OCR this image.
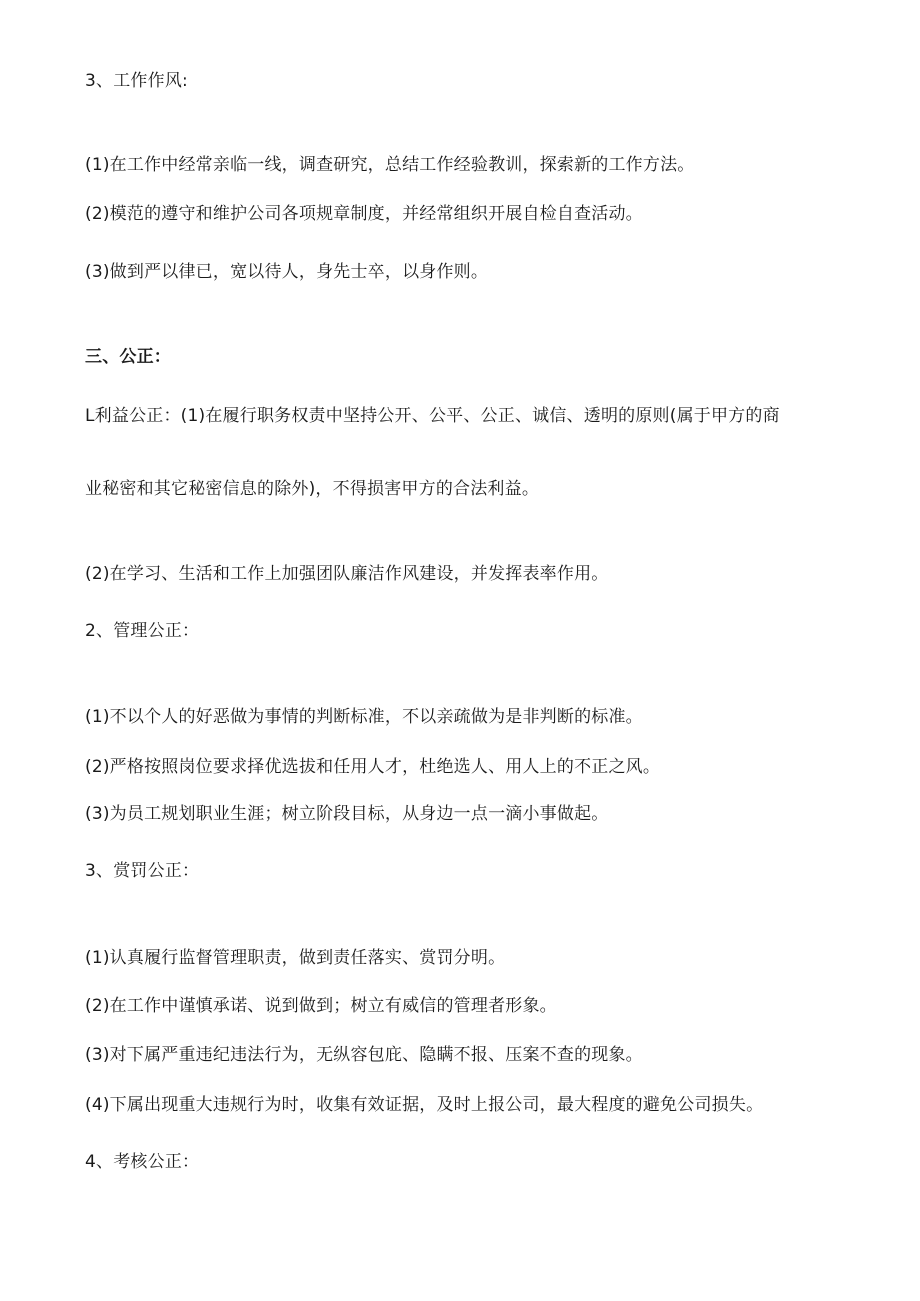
3、工作作风:
(1)在工作中经常亲临一线，调查研究，总结工作经验教训，探索新的工作方法。
(2)模范的遵守和维护公司各项规章制度，并经常组织开展自检自查活动。
(3)做到严以律已，宽以待人，身先士卒，以身作则。
三、公正：
L利益公正：(1)在履行职务权责中坚持公开、公平、公正、诚信、透明的原则(属于甲方的商
业秘密和其它秘密信息的除外)，不得损害甲方的合法利益。
(2)在学习、生活和工作上加强团队廉洁作风建设，并发挥表率作用。
2、管理公正：
(1)不以个人的好恶做为事情的判断标准，不以亲疏做为是非判断的标准。
(2)严格按照岗位要求择优选拔和任用人才，杜绝选人、用人上的不正之风。
(3)为员工规划职业生涯；树立阶段目标，从身边一点一滴小事做起。
3、赏罚公正：
(1)认真履行监督管理职责，做到责任落实、赏罚分明。
(2)在工作中谨慎承诺、说到做到；树立有威信的管理者形象。
(3)对下属严重违纪违法行为，无纵容包庇、隐瞒不报、压案不查的现象。
(4)下属出现重大违规行为时，收集有效证据，及时上报公司，最大程度的避免公司损失。
4、考核公正：
